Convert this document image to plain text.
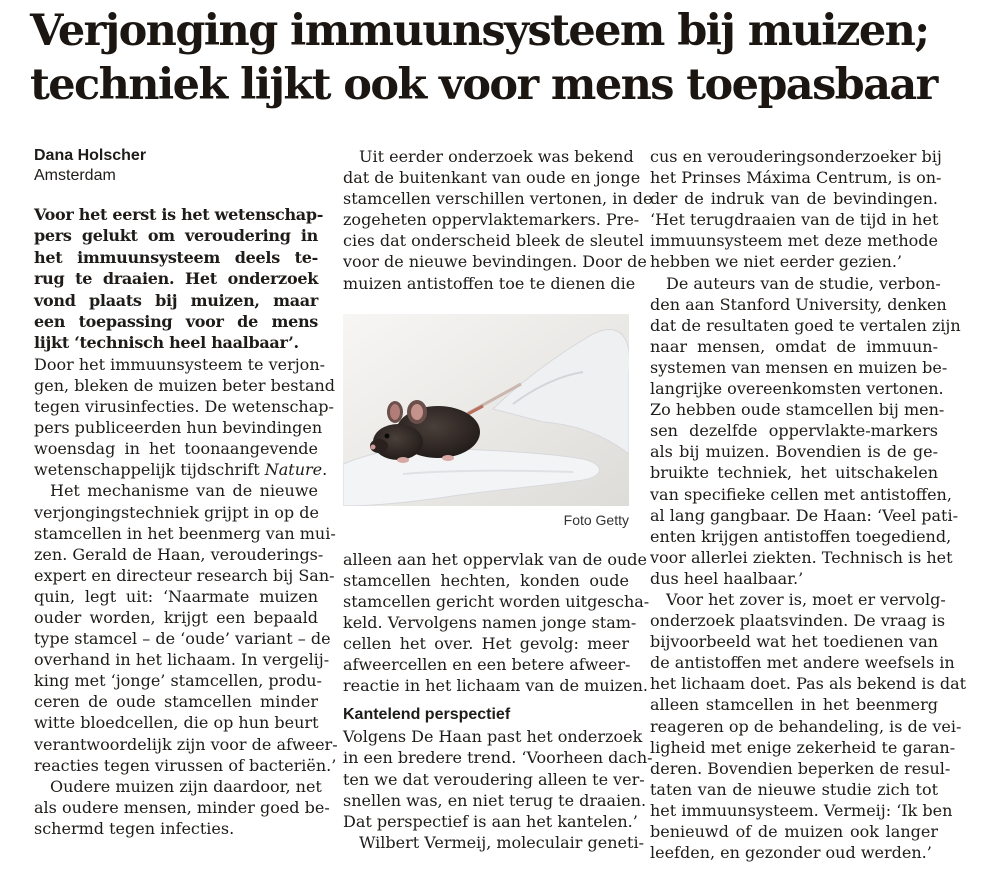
Verjonging immuunsysteem bij muizen;
techniek lijkt ook voor mens toepasbaar
Dana Holscher
Amsterdam

Voor het eerst is het wetenschap-
pers gelukt om veroudering in
het immuunsysteem deels te-
rug te draaien. Het onderzoek
vond plaats bij muizen, maar
een toepassing voor de mens
lijkt ‘technisch heel haalbaar’.

Door het immuunsysteem te verjon-
gen, bleken de muizen beter bestand
tegen virusinfecties. De wetenschap-
pers publiceerden hun bevindingen
woensdag in het toonaangevende
wetenschappelijk tijdschrift Nature.

Het mechanisme van de nieuwe
verjongingstechniek grijpt in op de
stamcellen in het beenmerg van mui-
zen. Gerald de Haan, verouderings-
expert en directeur research bij San-
quin, legt uit: ‘Naarmate muizen
ouder worden, krijgt een bepaald
type stamcel – de ‘oude’ variant – de
overhand in het lichaam. In vergelij-
king met ‘jonge’ stamcellen, produ-
ceren de oude stamcellen minder
witte bloedcellen, die op hun beurt
verantwoordelijk zijn voor de afweer-
reacties tegen virussen of bacteriën.’

Oudere muizen zijn daardoor, net
als oudere mensen, minder goed be-
schermd tegen infecties.

Uit eerder onderzoek was bekend
dat de buitenkant van oude en jonge
stamcellen verschillen vertonen, in de
zogeheten oppervlaktemarkers. Pre-
cies dat onderscheid bleek de sleutel
voor de nieuwe bevindingen. Door de
muizen antistoffen toe te dienen die

Foto Getty

alleen aan het oppervlak van de oude
stamcellen hechten, konden oude
stamcellen gericht worden uitgescha-
keld. Vervolgens namen jonge stam-
cellen het over. Het gevolg: meer
afweercellen en een betere afweer-
reactie in het lichaam van de muizen.

Kantelend perspectief

Volgens De Haan past het onderzoek
in een bredere trend. ‘Voorheen dach-
ten we dat veroudering alleen te ver-
snellen was, en niet terug te draaien.
Dat perspectief is aan het kantelen.’

Wilbert Vermeij, moleculair geneti-

cus en verouderingsonderzoeker bij
het Prinses Máxima Centrum, is on-
der de indruk van de bevindingen.
‘Het terugdraaien van de tijd in het
immuunsysteem met deze methode
hebben we niet eerder gezien.’

De auteurs van de studie, verbon-
den aan Stanford University, denken
dat de resultaten goed te vertalen zijn
naar mensen, omdat de immuun-
systemen van mensen en muizen be-
langrijke overeenkomsten vertonen.
Zo hebben oude stamcellen bij men-
sen dezelfde oppervlakte-markers
als bij muizen. Bovendien is de ge-
bruikte techniek, het uitschakelen
van specifieke cellen met antistoffen,
al lang gangbaar. De Haan: ‘Veel pati-
enten krijgen antistoffen toegediend,
voor allerlei ziekten. Technisch is het
dus heel haalbaar.’

Voor het zover is, moet er vervolg-
onderzoek plaatsvinden. De vraag is
bijvoorbeeld wat het toedienen van
de antistoffen met andere weefsels in
het lichaam doet. Pas als bekend is dat
alleen stamcellen in het beenmerg
reageren op de behandeling, is de vei-
ligheid met enige zekerheid te garan-
deren. Bovendien beperken de resul-
taten van de nieuwe studie zich tot
het immuunsysteem. Vermeij: ‘Ik ben
benieuwd of de muizen ook langer
leefden, en gezonder oud werden.’
